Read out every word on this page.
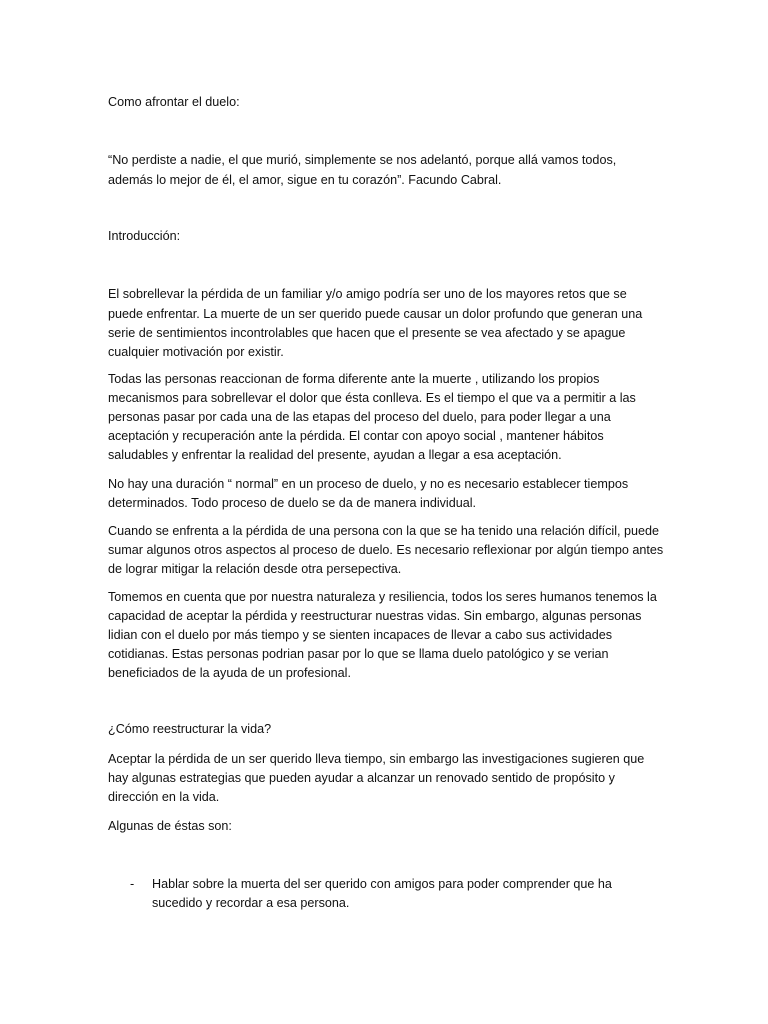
Como afrontar el duelo:
“No perdiste a nadie, el que murió, simplemente se nos adelantó, porque allá vamos todos,
además lo mejor de él, el amor, sigue en tu corazón”. Facundo Cabral.
Introducción:
El sobrellevar la pérdida de un familiar y/o amigo podría ser uno de los mayores retos que se
puede enfrentar. La muerte de un ser querido puede causar un dolor profundo que generan una
serie de sentimientos incontrolables que hacen que el presente se vea afectado y se apague
cualquier motivación por existir.
Todas las personas reaccionan de forma diferente ante la muerte , utilizando los propios
mecanismos para sobrellevar el dolor que ésta conlleva. Es el tiempo el que va a permitir a las
personas pasar por cada una de las etapas del proceso del duelo, para poder llegar a una
aceptación y recuperación ante la pérdida. El contar con apoyo social , mantener hábitos
saludables y enfrentar la realidad del presente, ayudan a llegar a esa aceptación.
No hay una duración “ normal” en un proceso de duelo, y no es necesario establecer tiempos
determinados. Todo proceso de duelo se da de manera individual.
Cuando se enfrenta a la pérdida de una persona con la que se ha tenido una relación difícil, puede
sumar algunos otros aspectos al proceso de duelo. Es necesario reflexionar por algún tiempo antes
de lograr mitigar la relación desde otra persepectiva.
Tomemos en cuenta que por nuestra naturaleza y resiliencia, todos los seres humanos tenemos la
capacidad de aceptar la pérdida y reestructurar nuestras vidas. Sin embargo, algunas personas
lidian con el duelo por más tiempo y se sienten incapaces de llevar a cabo sus actividades
cotidianas. Estas personas podrian pasar por lo que se llama duelo patológico y se verian
beneficiados de la ayuda de un profesional.
¿Cómo reestructurar la vida?
Aceptar la pérdida de un ser querido lleva tiempo, sin embargo las investigaciones sugieren que
hay algunas estrategias que pueden ayudar a alcanzar un renovado sentido de propósito y
dirección en la vida.
Algunas de éstas son:
- Hablar sobre la muerta del ser querido con amigos para poder comprender que ha
sucedido y recordar a esa persona.
